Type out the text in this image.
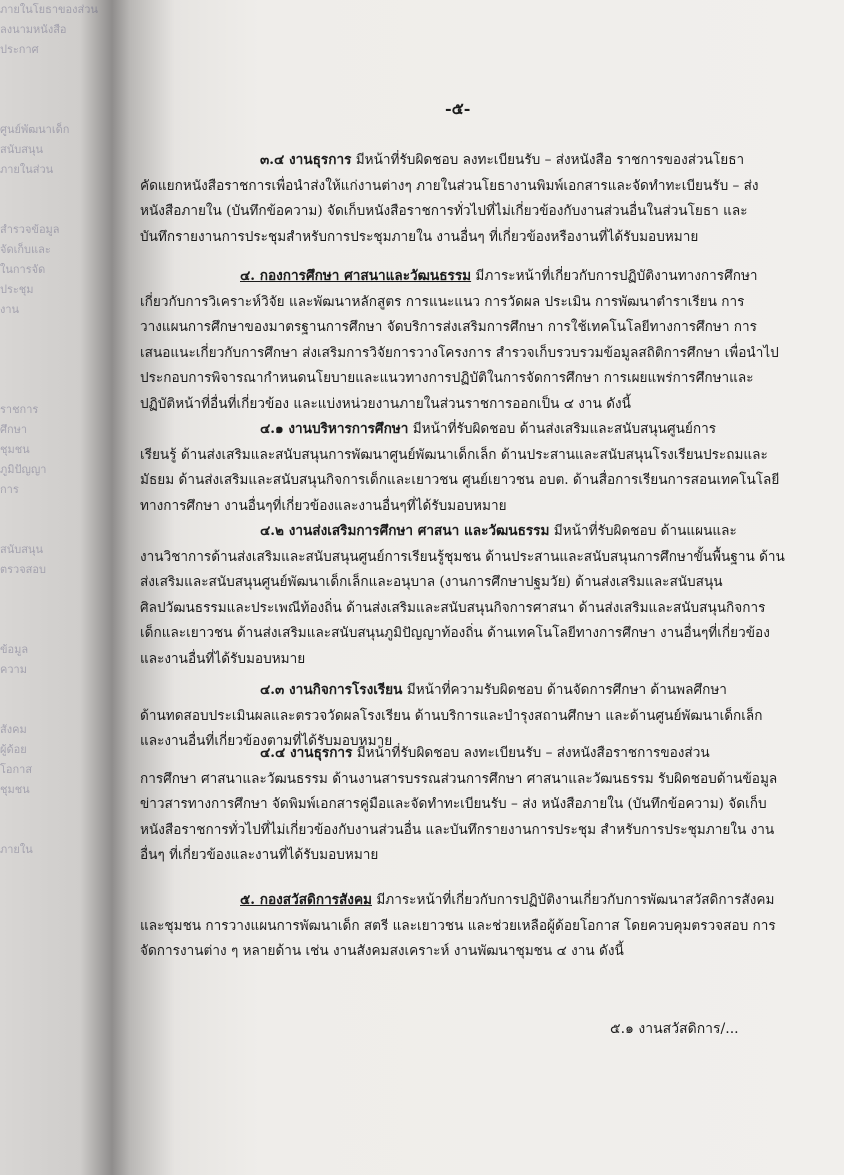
ภายในโยธาของส่วน
ลงนามหนังสือ
ประกาศ
ศูนย์พัฒนาเด็ก
สนับสนุน
ภายในส่วน
สำรวจข้อมูล
จัดเก็บและ
ในการจัด
ประชุม
งาน
ราชการ
ศึกษา
ชุมชน
ภูมิปัญญา
การ
สนับสนุน
ตรวจสอบ
ข้อมูล
ความ
สังคม
ผู้ด้อย
โอกาส
ชุมชน
ภายใน
-๕-
๓.๔ งานธุรการ มีหน้าที่รับผิดชอบ ลงทะเบียนรับ – ส่งหนังสือ ราชการของส่วนโยธา
คัดแยกหนังสือราชการเพื่อนำส่งให้แก่งานต่างๆ ภายในส่วนโยธางานพิมพ์เอกสารและจัดทำทะเบียนรับ – ส่ง
หนังสือภายใน (บันทึกข้อความ) จัดเก็บหนังสือราชการทั่วไปที่ไม่เกี่ยวข้องกับงานส่วนอื่นในส่วนโยธา และ
บันทึกรายงานการประชุมสำหรับการประชุมภายใน งานอื่นๆ ที่เกี่ยวข้องหรืองานที่ได้รับมอบหมาย
๔. กองการศึกษา ศาสนาและวัฒนธรรม มีภาระหน้าที่เกี่ยวกับการปฏิบัติงานทางการศึกษา
เกี่ยวกับการวิเคราะห์วิจัย และพัฒนาหลักสูตร การแนะแนว การวัดผล ประเมิน การพัฒนาตำราเรียน การ
วางแผนการศึกษาของมาตรฐานการศึกษา จัดบริการส่งเสริมการศึกษา การใช้เทคโนโลยีทางการศึกษา การ
เสนอแนะเกี่ยวกับการศึกษา ส่งเสริมการวิจัยการวางโครงการ สำรวจเก็บรวบรวมข้อมูลสถิติการศึกษา เพื่อนำไป
ประกอบการพิจารณากำหนดนโยบายและแนวทางการปฏิบัติในการจัดการศึกษา การเผยแพร่การศึกษาและ
ปฏิบัติหน้าที่อื่นที่เกี่ยวข้อง และแบ่งหน่วยงานภายในส่วนราชการออกเป็น ๔ งาน ดังนี้
๔.๑ งานบริหารการศึกษา มีหน้าที่รับผิดชอบ ด้านส่งเสริมและสนับสนุนศูนย์การ
เรียนรู้ ด้านส่งเสริมและสนับสนุนการพัฒนาศูนย์พัฒนาเด็กเล็ก ด้านประสานและสนับสนุนโรงเรียนประถมและ
มัธยม ด้านส่งเสริมและสนับสนุนกิจการเด็กและเยาวชน ศูนย์เยาวชน อบต. ด้านสื่อการเรียนการสอนเทคโนโลยี
ทางการศึกษา งานอื่นๆที่เกี่ยวข้องและงานอื่นๆที่ได้รับมอบหมาย
๔.๒ งานส่งเสริมการศึกษา ศาสนา และวัฒนธรรม มีหน้าที่รับผิดชอบ ด้านแผนและ
งานวิชาการด้านส่งเสริมและสนับสนุนศูนย์การเรียนรู้ชุมชน ด้านประสานและสนับสนุนการศึกษาขั้นพื้นฐาน ด้าน
ส่งเสริมและสนับสนุนศูนย์พัฒนาเด็กเล็กและอนุบาล (งานการศึกษาปฐมวัย) ด้านส่งเสริมและสนับสนุน
ศิลปวัฒนธรรมและประเพณีท้องถิ่น ด้านส่งเสริมและสนับสนุนกิจการศาสนา ด้านส่งเสริมและสนับสนุนกิจการ
เด็กและเยาวชน ด้านส่งเสริมและสนับสนุนภูมิปัญญาท้องถิ่น ด้านเทคโนโลยีทางการศึกษา งานอื่นๆที่เกี่ยวข้อง
และงานอื่นที่ได้รับมอบหมาย
๔.๓ งานกิจการโรงเรียน มีหน้าที่ความรับผิดชอบ ด้านจัดการศึกษา ด้านพลศึกษา
ด้านทดสอบประเมินผลและตรวจวัดผลโรงเรียน ด้านบริการและบำรุงสถานศึกษา และด้านศูนย์พัฒนาเด็กเล็ก
และงานอื่นที่เกี่ยวข้องตามที่ได้รับมอบหมาย
๔.๔ งานธุรการ มีหน้าที่รับผิดชอบ ลงทะเบียนรับ – ส่งหนังสือราชการของส่วน
การศึกษา ศาสนาและวัฒนธรรม ด้านงานสารบรรณส่วนการศึกษา ศาสนาและวัฒนธรรม รับผิดชอบด้านข้อมูล
ข่าวสารทางการศึกษา จัดพิมพ์เอกสารคู่มือและจัดทำทะเบียนรับ – ส่ง หนังสือภายใน (บันทึกข้อความ) จัดเก็บ
หนังสือราชการทั่วไปที่ไม่เกี่ยวข้องกับงานส่วนอื่น และบันทึกรายงานการประชุม สำหรับการประชุมภายใน งาน
อื่นๆ ที่เกี่ยวข้องและงานที่ได้รับมอบหมาย
๕. กองสวัสดิการสังคม มีภาระหน้าที่เกี่ยวกับการปฏิบัติงานเกี่ยวกับการพัฒนาสวัสดิการสังคม
และชุมชน การวางแผนการพัฒนาเด็ก สตรี และเยาวชน และช่วยเหลือผู้ด้อยโอกาส โดยควบคุมตรวจสอบ การ
จัดการงานต่าง ๆ หลายด้าน เช่น งานสังคมสงเคราะห์ งานพัฒนาชุมชน ๔ งาน ดังนี้
๕.๑ งานสวัสดิการ/...
